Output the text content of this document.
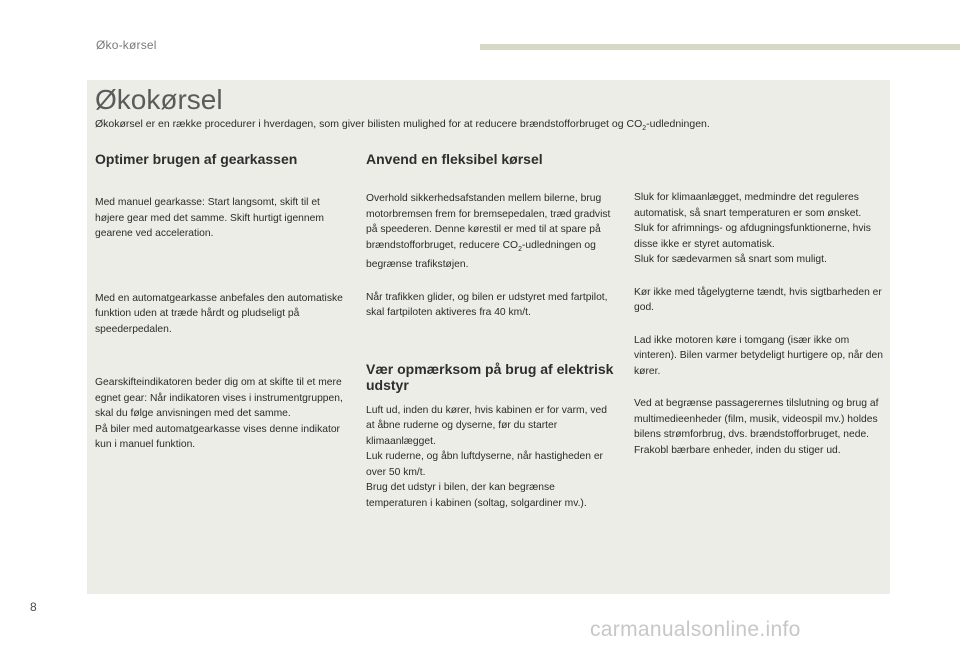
Øko-kørsel
Økokørsel
Økokørsel er en række procedurer i hverdagen, som giver bilisten mulighed for at reducere brændstofforbruget og $CO_2$-udledningen.
Optimer brugen af gearkassen

Med manuel gearkasse: Start langsomt, skift til et højere gear med det samme. Skift hurtigt igennem gearene ved acceleration.

Med en automatgearkasse anbefales den automatiske funktion uden at træde hårdt og pludseligt på speederpedalen.

Gearskifteindikatoren beder dig om at skifte til et mere egnet gear: Når indikatoren vises i instrumentgruppen, skal du følge anvisningen med det samme.

På biler med automatgearkasse vises denne indikator kun i manuel funktion.

Anvend en fleksibel kørsel

Overhold sikkerhedsafstanden mellem bilerne, brug motorbremsen frem for bremsepedalen, træd gradvist på speederen. Denne kørestil er med til at spare på brændstofforbruget, reducere $CO_2$-udledningen og begrænse trafikstøjen.

Når trafikken glider, og bilen er udstyret med fartpilot, skal fartpiloten aktiveres fra 40 km/t.

Vær opmærksom på brug af elektrisk udstyr

Luft ud, inden du kører, hvis kabinen er for varm, ved at åbne ruderne og dyserne, før du starter klimaanlægget.

Luk ruderne, og åbn luftdyserne, når hastigheden er over 50 km/t.

Brug det udstyr i bilen, der kan begrænse temperaturen i kabinen (soltag, solgardiner mv.).

Sluk for klimaanlægget, medmindre det reguleres automatisk, så snart temperaturen er som ønsket.

Sluk for afrimnings- og afdugningsfunktionerne, hvis disse ikke er styret automatisk.

Sluk for sædevarmen så snart som muligt.

Kør ikke med tågelygterne tændt, hvis sigtbarheden er god.

Lad ikke motoren køre i tomgang (især ikke om vinteren). Bilen varmer betydeligt hurtigere op, når den kører.

Ved at begrænse passagerernes tilslutning og brug af multimedieenheder (film, musik, videospil mv.) holdes bilens strømforbrug, dvs. brændstofforbruget, nede.

Frakobl bærbare enheder, inden du stiger ud.

8
carmanualsonline.info
